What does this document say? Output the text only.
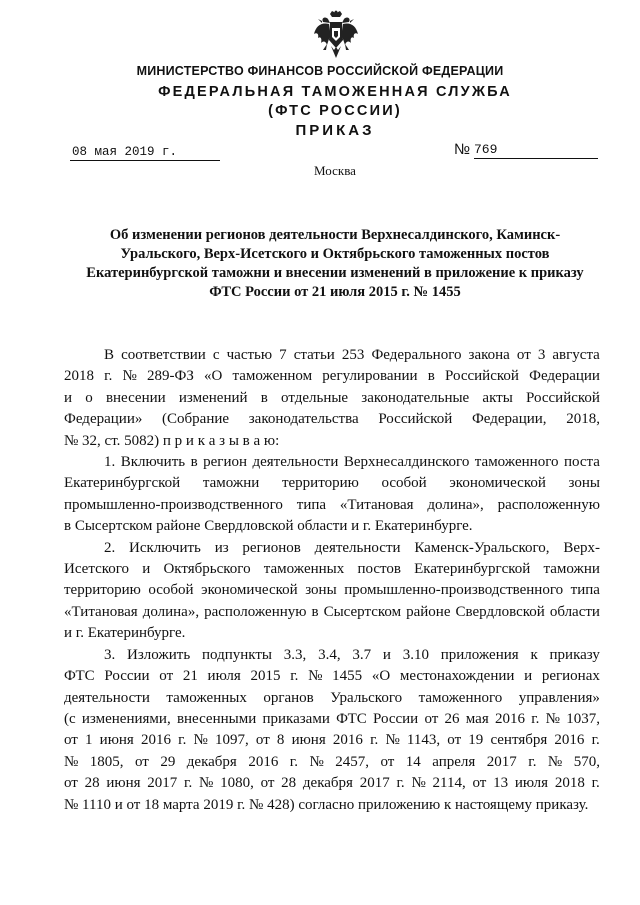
МИНИСТЕРСТВО ФИНАНСОВ РОССИЙСКОЙ ФЕДЕРАЦИИ
ФЕДЕРАЛЬНАЯ ТАМОЖЕННАЯ СЛУЖБА
(ФТС РОССИИ)
ПРИКАЗ
08 мая 2019 г.	№ 769
Москва
Об изменении регионов деятельности Верхнесалдинского, Каминск-
Уральского, Верх-Исетского и Октябрьского таможенных постов
Екатеринбургской таможни и внесении изменений в приложение к приказу
ФТС России от 21 июля 2015 г. № 1455
В соответствии с частью 7 статьи 253 Федерального закона от 3 августа
2018 г. № 289-ФЗ «О таможенном регулировании в Российской Федерации
и о внесении изменений в отдельные законодательные акты Российской
Федерации» (Собрание законодательства Российской Федерации, 2018,
№ 32, ст. 5082) п р и к а з ы в а ю:
1. Включить в регион деятельности Верхнесалдинского таможенного поста
Екатеринбургской таможни территорию особой экономической зоны
промышленно-производственного типа «Титановая долина», расположенную
в Сысертском районе Свердловской области и г. Екатеринбурге.
2. Исключить из регионов деятельности Каменск-Уральского, Верх-
Исетского и Октябрьского таможенных постов Екатеринбургской таможни
территорию особой экономической зоны промышленно-производственного типа
«Титановая долина», расположенную в Сысертском районе Свердловской области
и г. Екатеринбурге.
3. Изложить подпункты 3.3, 3.4, 3.7 и 3.10 приложения к приказу
ФТС России от 21 июля 2015 г. № 1455 «О местонахождении и регионах
деятельности таможенных органов Уральского таможенного управления»
(с изменениями, внесенными приказами ФТС России от 26 мая 2016 г. № 1037,
от 1 июня 2016 г. № 1097, от 8 июня 2016 г. № 1143, от 19 сентября 2016 г.
№ 1805, от 29 декабря 2016 г. № 2457, от 14 апреля 2017 г. № 570,
от 28 июня 2017 г. № 1080, от 28 декабря 2017 г. № 2114, от 13 июля 2018 г.
№ 1110 и от 18 марта 2019 г. № 428) согласно приложению к настоящему приказу.
